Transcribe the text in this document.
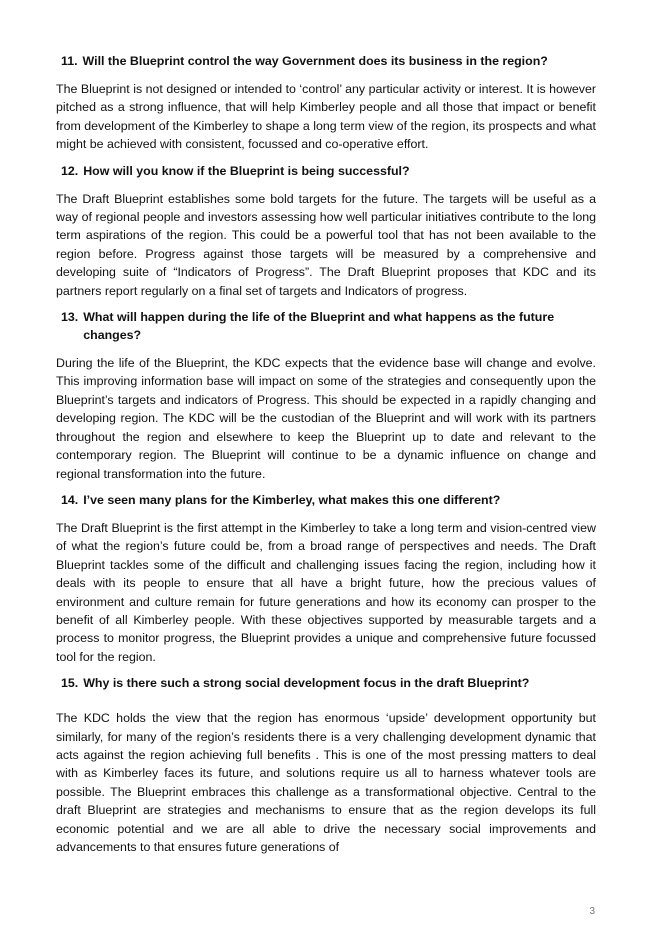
11. Will the Blueprint control the way Government does its business in the region?

The Blueprint is not designed or intended to ‘control’ any particular activity or interest. It is however pitched as a strong influence, that will help Kimberley people and all those that impact or benefit from development of the Kimberley to shape a long term view of the region, its prospects and what might be achieved with consistent, focussed and co-operative effort.

12. How will you know if the Blueprint is being successful?

The Draft Blueprint establishes some bold targets for the future. The targets will be useful as a way of regional people and investors assessing how well particular initiatives contribute to the long term aspirations of the region. This could be a powerful tool that has not been available to the region before. Progress against those targets will be measured by a comprehensive and developing suite of “Indicators of Progress”. The Draft Blueprint proposes that KDC and its partners report regularly on a final set of targets and Indicators of progress.

13. What will happen during the life of the Blueprint and what happens as the future changes?

During the life of the Blueprint, the KDC expects that the evidence base will change and evolve. This improving information base will impact on some of the strategies and consequently upon the Blueprint’s targets and indicators of Progress. This should be expected in a rapidly changing and developing region. The KDC will be the custodian of the Blueprint and will work with its partners throughout the region and elsewhere to keep the Blueprint up to date and relevant to the contemporary region. The Blueprint will continue to be a dynamic influence on change and regional transformation into the future.

14. I’ve seen many plans for the Kimberley, what makes this one different?

The Draft Blueprint is the first attempt in the Kimberley to take a long term and vision-centred view of what the region’s future could be, from a broad range of perspectives and needs. The Draft Blueprint tackles some of the difficult and challenging issues facing the region, including how it deals with its people to ensure that all have a bright future, how the precious values of environment and culture remain for future generations and how its economy can prosper to the benefit of all Kimberley people. With these objectives supported by measurable targets and a process to monitor progress, the Blueprint provides a unique and comprehensive future focussed tool for the region.

15. Why is there such a strong social development focus in the draft Blueprint?

The KDC holds the view that the region has enormous ‘upside’ development opportunity but similarly, for many of the region’s residents there is a very challenging development dynamic that acts against the region achieving full benefits . This is one of the most pressing matters to deal with as Kimberley faces its future, and solutions require us all to harness whatever tools are possible. The Blueprint embraces this challenge as a transformational objective. Central to the draft Blueprint are strategies and mechanisms to ensure that as the region develops its full economic potential and we are all able to drive the necessary social improvements and advancements to that ensures future generations of

3
